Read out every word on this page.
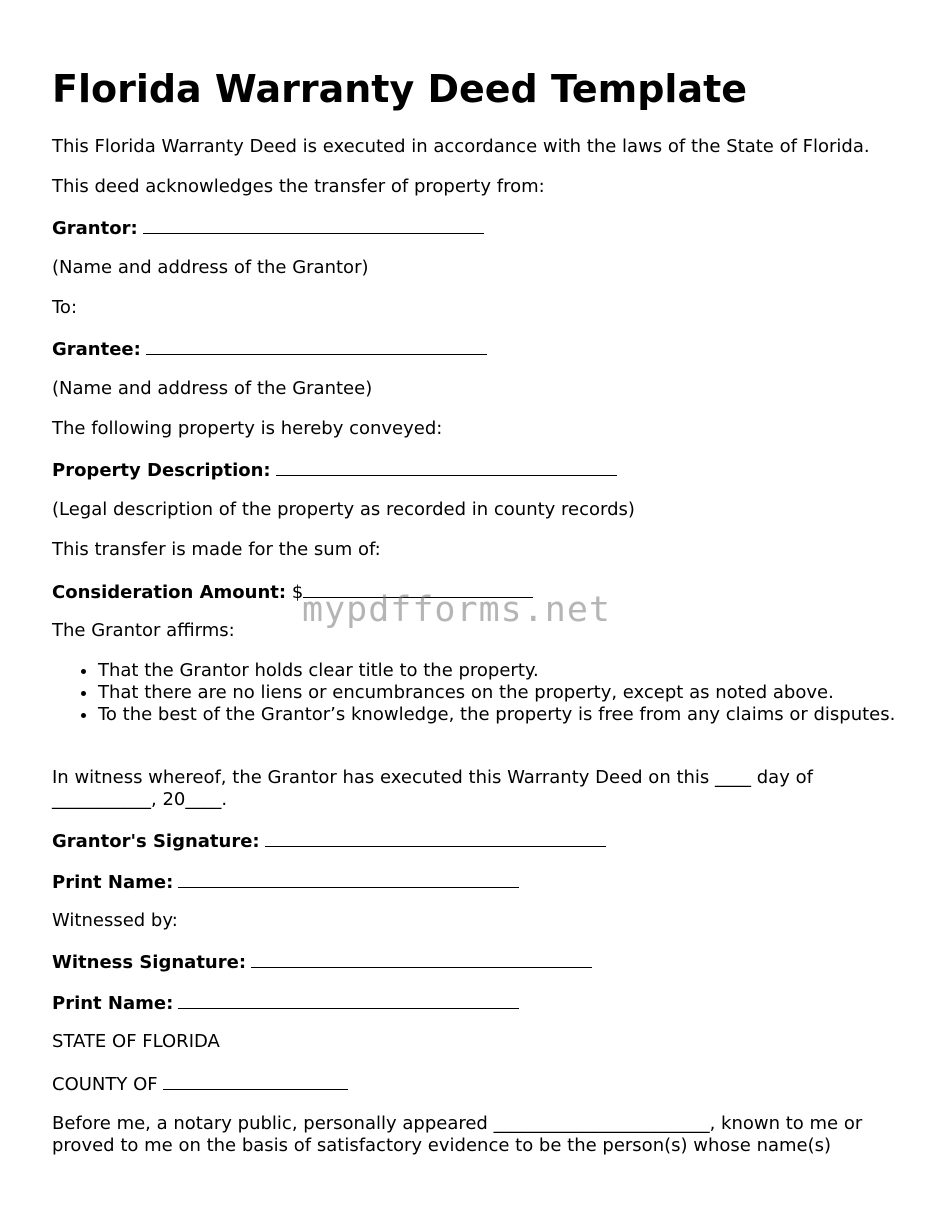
Florida Warranty Deed Template

This Florida Warranty Deed is executed in accordance with the laws of the State of Florida.

This deed acknowledges the transfer of property from:

Grantor:

(Name and address of the Grantor)

To:

Grantee:

(Name and address of the Grantee)

The following property is hereby conveyed:

Property Description:

(Legal description of the property as recorded in county records)

This transfer is made for the sum of:

Consideration Amount: $

The Grantor affirms:

• That the Grantor holds clear title to the property.
• That there are no liens or encumbrances on the property, except as noted above.
• To the best of the Grantor’s knowledge, the property is free from any claims or disputes.

In witness whereof, the Grantor has executed this Warranty Deed on this ____ day of
___________, 20____.

Grantor's Signature:

Print Name:

Witnessed by:

Witness Signature:

Print Name:

STATE OF FLORIDA

COUNTY OF

Before me, a notary public, personally appeared ________________________, known to me or proved to me on the basis of satisfactory evidence to be the person(s) whose name(s)

mypdfforms.net
